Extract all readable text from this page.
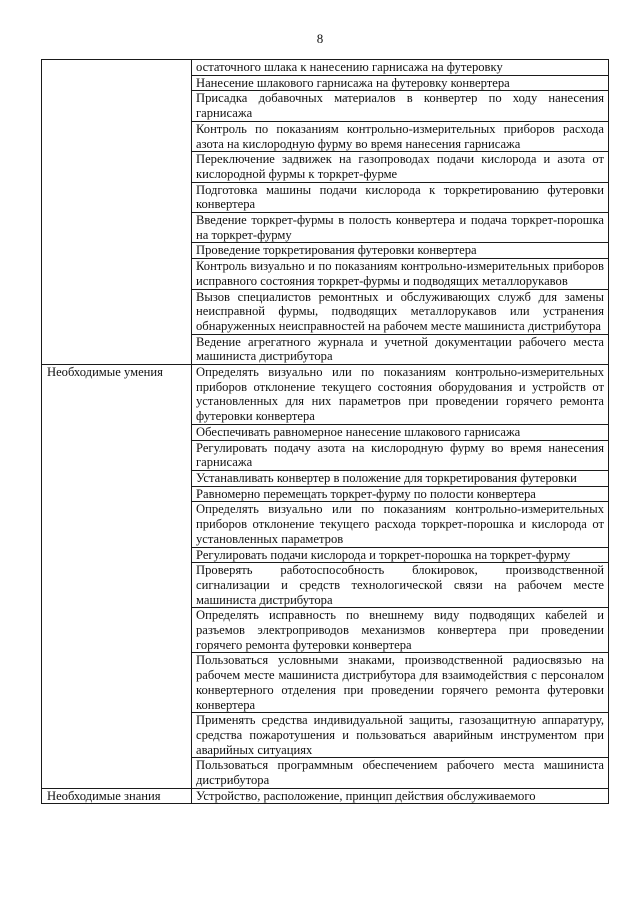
8
	остаточного шлака к нанесению гарнисажа на футеровку
	Нанесение шлакового гарнисажа на футеровку конвертера
	Присадка добавочных материалов в конвертер по ходу нанесения гарнисажа
	Контроль по показаниям контрольно-измерительных приборов расхода азота на кислородную фурму во время нанесения гарнисажа
	Переключение задвижек на газопроводах подачи кислорода и азота от кислородной фурмы к торкрет-фурме
	Подготовка машины подачи кислорода к торкретированию футеровки конвертера
	Введение торкрет-фурмы в полость конвертера и подача торкрет-порошка на торкрет-фурму
	Проведение торкретирования футеровки конвертера
	Контроль визуально и по показаниям контрольно-измерительных приборов исправного состояния торкрет-фурмы и подводящих металлорукавов
	Вызов специалистов ремонтных и обслуживающих служб для замены неисправной фурмы, подводящих металлорукавов или устранения обнаруженных неисправностей на рабочем месте машиниста дистрибутора
	Ведение агрегатного журнала и учетной документации рабочего места машиниста дистрибутора
Необходимые умения	Определять визуально или по показаниям контрольно-измерительных приборов отклонение текущего состояния оборудования и устройств от установленных для них параметров при проведении горячего ремонта футеровки конвертера
	Обеспечивать равномерное нанесение шлакового гарнисажа
	Регулировать подачу азота на кислородную фурму во время нанесения гарнисажа
	Устанавливать конвертер в положение для торкретирования футеровки
	Равномерно перемещать торкрет-фурму по полости конвертера
	Определять визуально или по показаниям контрольно-измерительных приборов отклонение текущего расхода торкрет-порошка и кислорода от установленных параметров
	Регулировать подачи кислорода и торкрет-порошка на торкрет-фурму
	Проверять работоспособность блокировок, производственной сигнализации и средств технологической связи на рабочем месте машиниста дистрибутора
	Определять исправность по внешнему виду подводящих кабелей и разъемов электроприводов механизмов конвертера при проведении горячего ремонта футеровки конвертера
	Пользоваться условными знаками, производственной радиосвязью на рабочем месте машиниста дистрибутора для взаимодействия с персоналом конвертерного отделения при проведении горячего ремонта футеровки конвертера
	Применять средства индивидуальной защиты, газозащитную аппаратуру, средства пожаротушения и пользоваться аварийным инструментом при аварийных ситуациях
	Пользоваться программным обеспечением рабочего места машиниста дистрибутора
Необходимые знания	Устройство, расположение, принцип действия обслуживаемого
